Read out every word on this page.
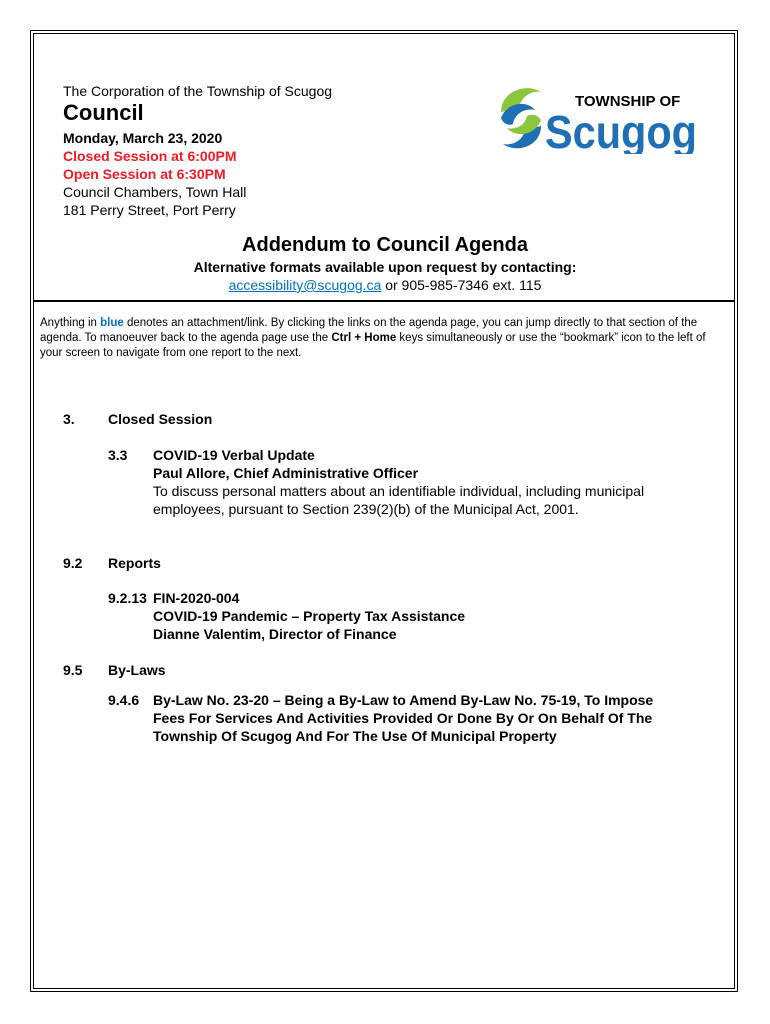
The Corporation of the Township of Scugog
Council
Monday, March 23, 2020
Closed Session at 6:00PM
Open Session at 6:30PM
Council Chambers, Town Hall
181 Perry Street, Port Perry
TOWNSHIP OF
Scugog
Addendum to Council Agenda
Alternative formats available upon request by contacting:
accessibility@scugog.ca or 905-985-7346 ext. 115
Anything in blue denotes an attachment/link. By clicking the links on the agenda page, you can jump directly to that section of the agenda. To manoeuver back to the agenda page use the Ctrl + Home keys simultaneously or use the “bookmark” icon to the left of your screen to navigate from one report to the next.
3. Closed Session
3.3 COVID-19 Verbal Update
Paul Allore, Chief Administrative Officer
To discuss personal matters about an identifiable individual, including municipal
employees, pursuant to Section 239(2)(b) of the Municipal Act, 2001.
9.2 Reports
9.2.13 FIN-2020-004
COVID-19 Pandemic – Property Tax Assistance
Dianne Valentim, Director of Finance
9.5 By-Laws
9.4.6 By-Law No. 23-20 – Being a By-Law to Amend By-Law No. 75-19, To Impose
Fees For Services And Activities Provided Or Done By Or On Behalf Of The
Township Of Scugog And For The Use Of Municipal Property
